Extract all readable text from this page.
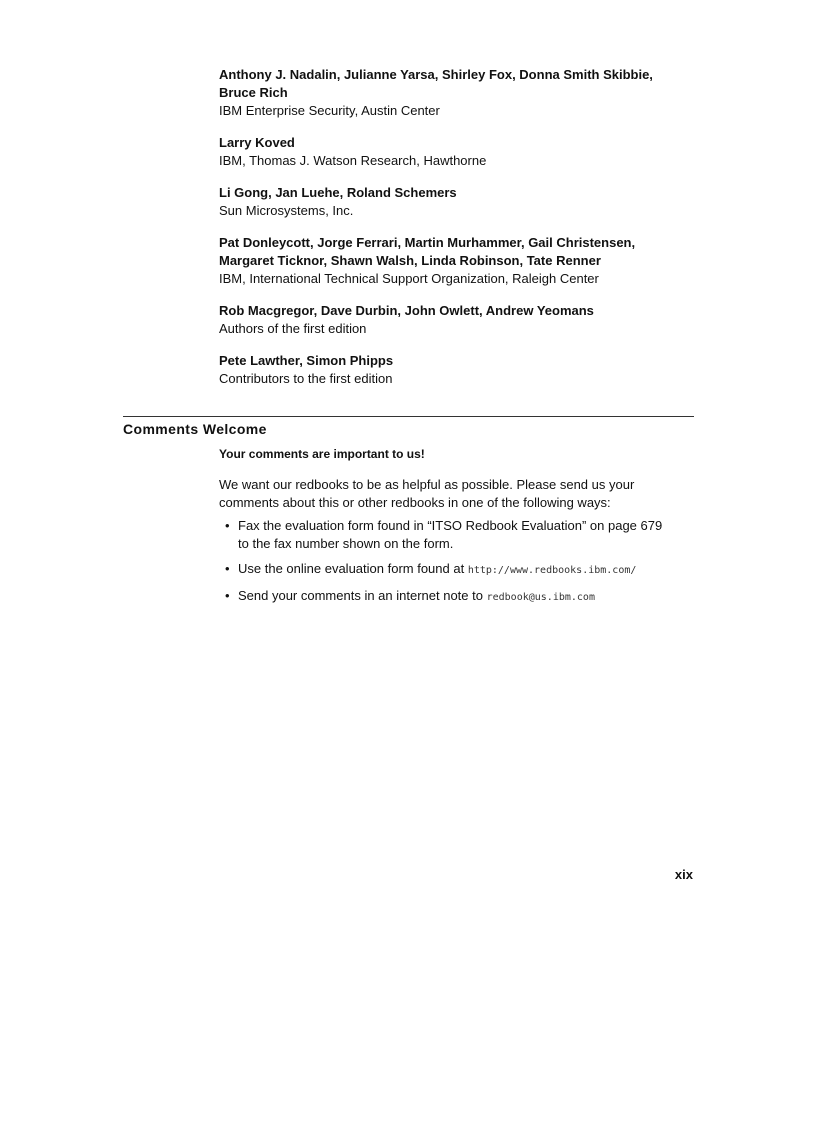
Anthony J. Nadalin, Julianne Yarsa, Shirley Fox, Donna Smith Skibbie,
Bruce Rich
IBM Enterprise Security, Austin Center
Larry Koved
IBM, Thomas J. Watson Research, Hawthorne
Li Gong, Jan Luehe, Roland Schemers
Sun Microsystems, Inc.
Pat Donleycott, Jorge Ferrari, Martin Murhammer, Gail Christensen,
Margaret Ticknor, Shawn Walsh, Linda Robinson, Tate Renner
IBM, International Technical Support Organization, Raleigh Center
Rob Macgregor, Dave Durbin, John Owlett, Andrew Yeomans
Authors of the first edition
Pete Lawther, Simon Phipps
Contributors to the first edition
Comments Welcome
Your comments are important to us!
We want our redbooks to be as helpful as possible. Please send us your
comments about this or other redbooks in one of the following ways:
• Fax the evaluation form found in “ITSO Redbook Evaluation” on page 679
to the fax number shown on the form.
• Use the online evaluation form found at http://www.redbooks.ibm.com/
• Send your comments in an internet note to redbook@us.ibm.com
xix
